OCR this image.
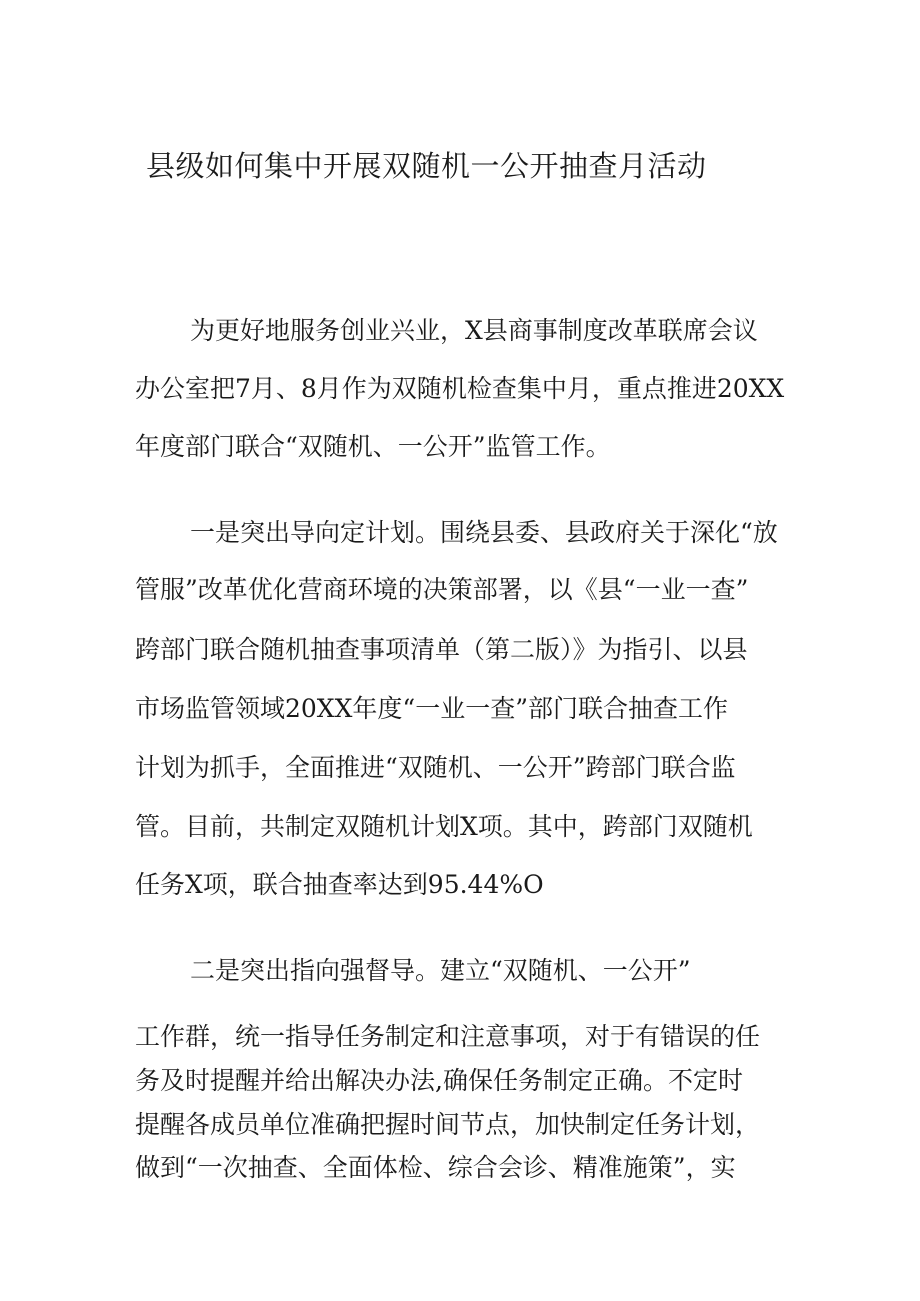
县级如何集中开展双随机一公开抽查月活动

为更好地服务创业兴业，X县商事制度改革联席会议

办公室把7月、8月作为双随机检查集中月，重点推进20XX

年度部门联合“双随机、一公开”监管工作。

一是突出导向定计划。围绕县委、县政府关于深化“放

管服”改革优化营商环境的决策部署，以《县“一业一查”

跨部门联合随机抽查事项清单（第二版）》为指引、以县

市场监管领域20XX年度“一业一查”部门联合抽查工作

计划为抓手，全面推进“双随机、一公开”跨部门联合监

管。目前，共制定双随机计划X项。其中，跨部门双随机

任务X项，联合抽查率达到95.44%O

二是突出指向强督导。建立“双随机、一公开”

工作群，统一指导任务制定和注意事项，对于有错误的任

务及时提醒并给出解决办法,确保任务制定正确。不定时

提醒各成员单位准确把握时间节点，加快制定任务计划，

做到“一次抽查、全面体检、综合会诊、精准施策”，实
